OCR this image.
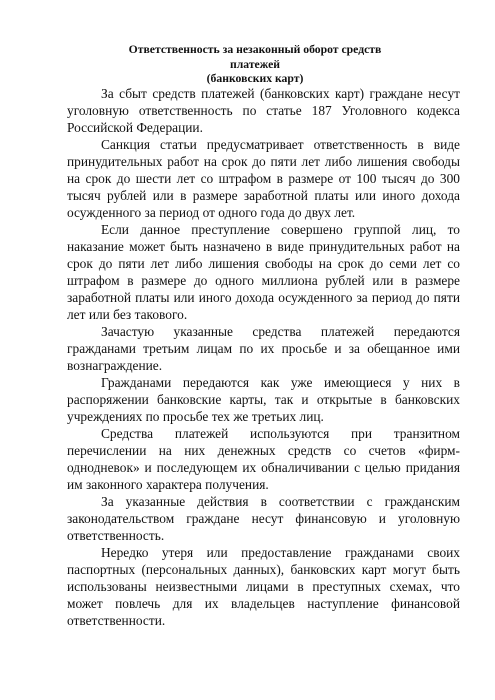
Ответственность за незаконный оборот средств платежей
(банковских карт)

За сбыт средств платежей (банковских карт) граждане несут уголовную ответственность по статье 187 Уголовного кодекса Российской Федерации.

Санкция статьи предусматривает ответственность в виде принудительных работ на срок до пяти лет либо лишения свободы на срок до шести лет со штрафом в размере от 100 тысяч до 300 тысяч рублей или в размере заработной платы или иного дохода осужденного за период от одного года до двух лет.

Если данное преступление совершено группой лиц, то наказание может быть назначено в виде принудительных работ на срок до пяти лет либо лишения свободы на срок до семи лет со штрафом в размере до одного миллиона рублей или в размере заработной платы или иного дохода осужденного за период до пяти лет или без такового.

Зачастую указанные средства платежей передаются гражданами третьим лицам по их просьбе и за обещанное ими вознаграждение.

Гражданами передаются как уже имеющиеся у них в распоряжении банковские карты, так и открытые в банковских учреждениях по просьбе тех же третьих лиц.

Средства платежей используются при транзитном перечислении на них денежных средств со счетов «фирм-однодневок» и последующем их обналичивании с целью придания им законного характера получения.

За указанные действия в соответствии с гражданским законодательством граждане несут финансовую и уголовную ответственность.

Нередко утеря или предоставление гражданами своих паспортных (персональных данных), банковских карт могут быть использованы неизвестными лицами в преступных схемах, что может повлечь для их владельцев наступление финансовой ответственности.
